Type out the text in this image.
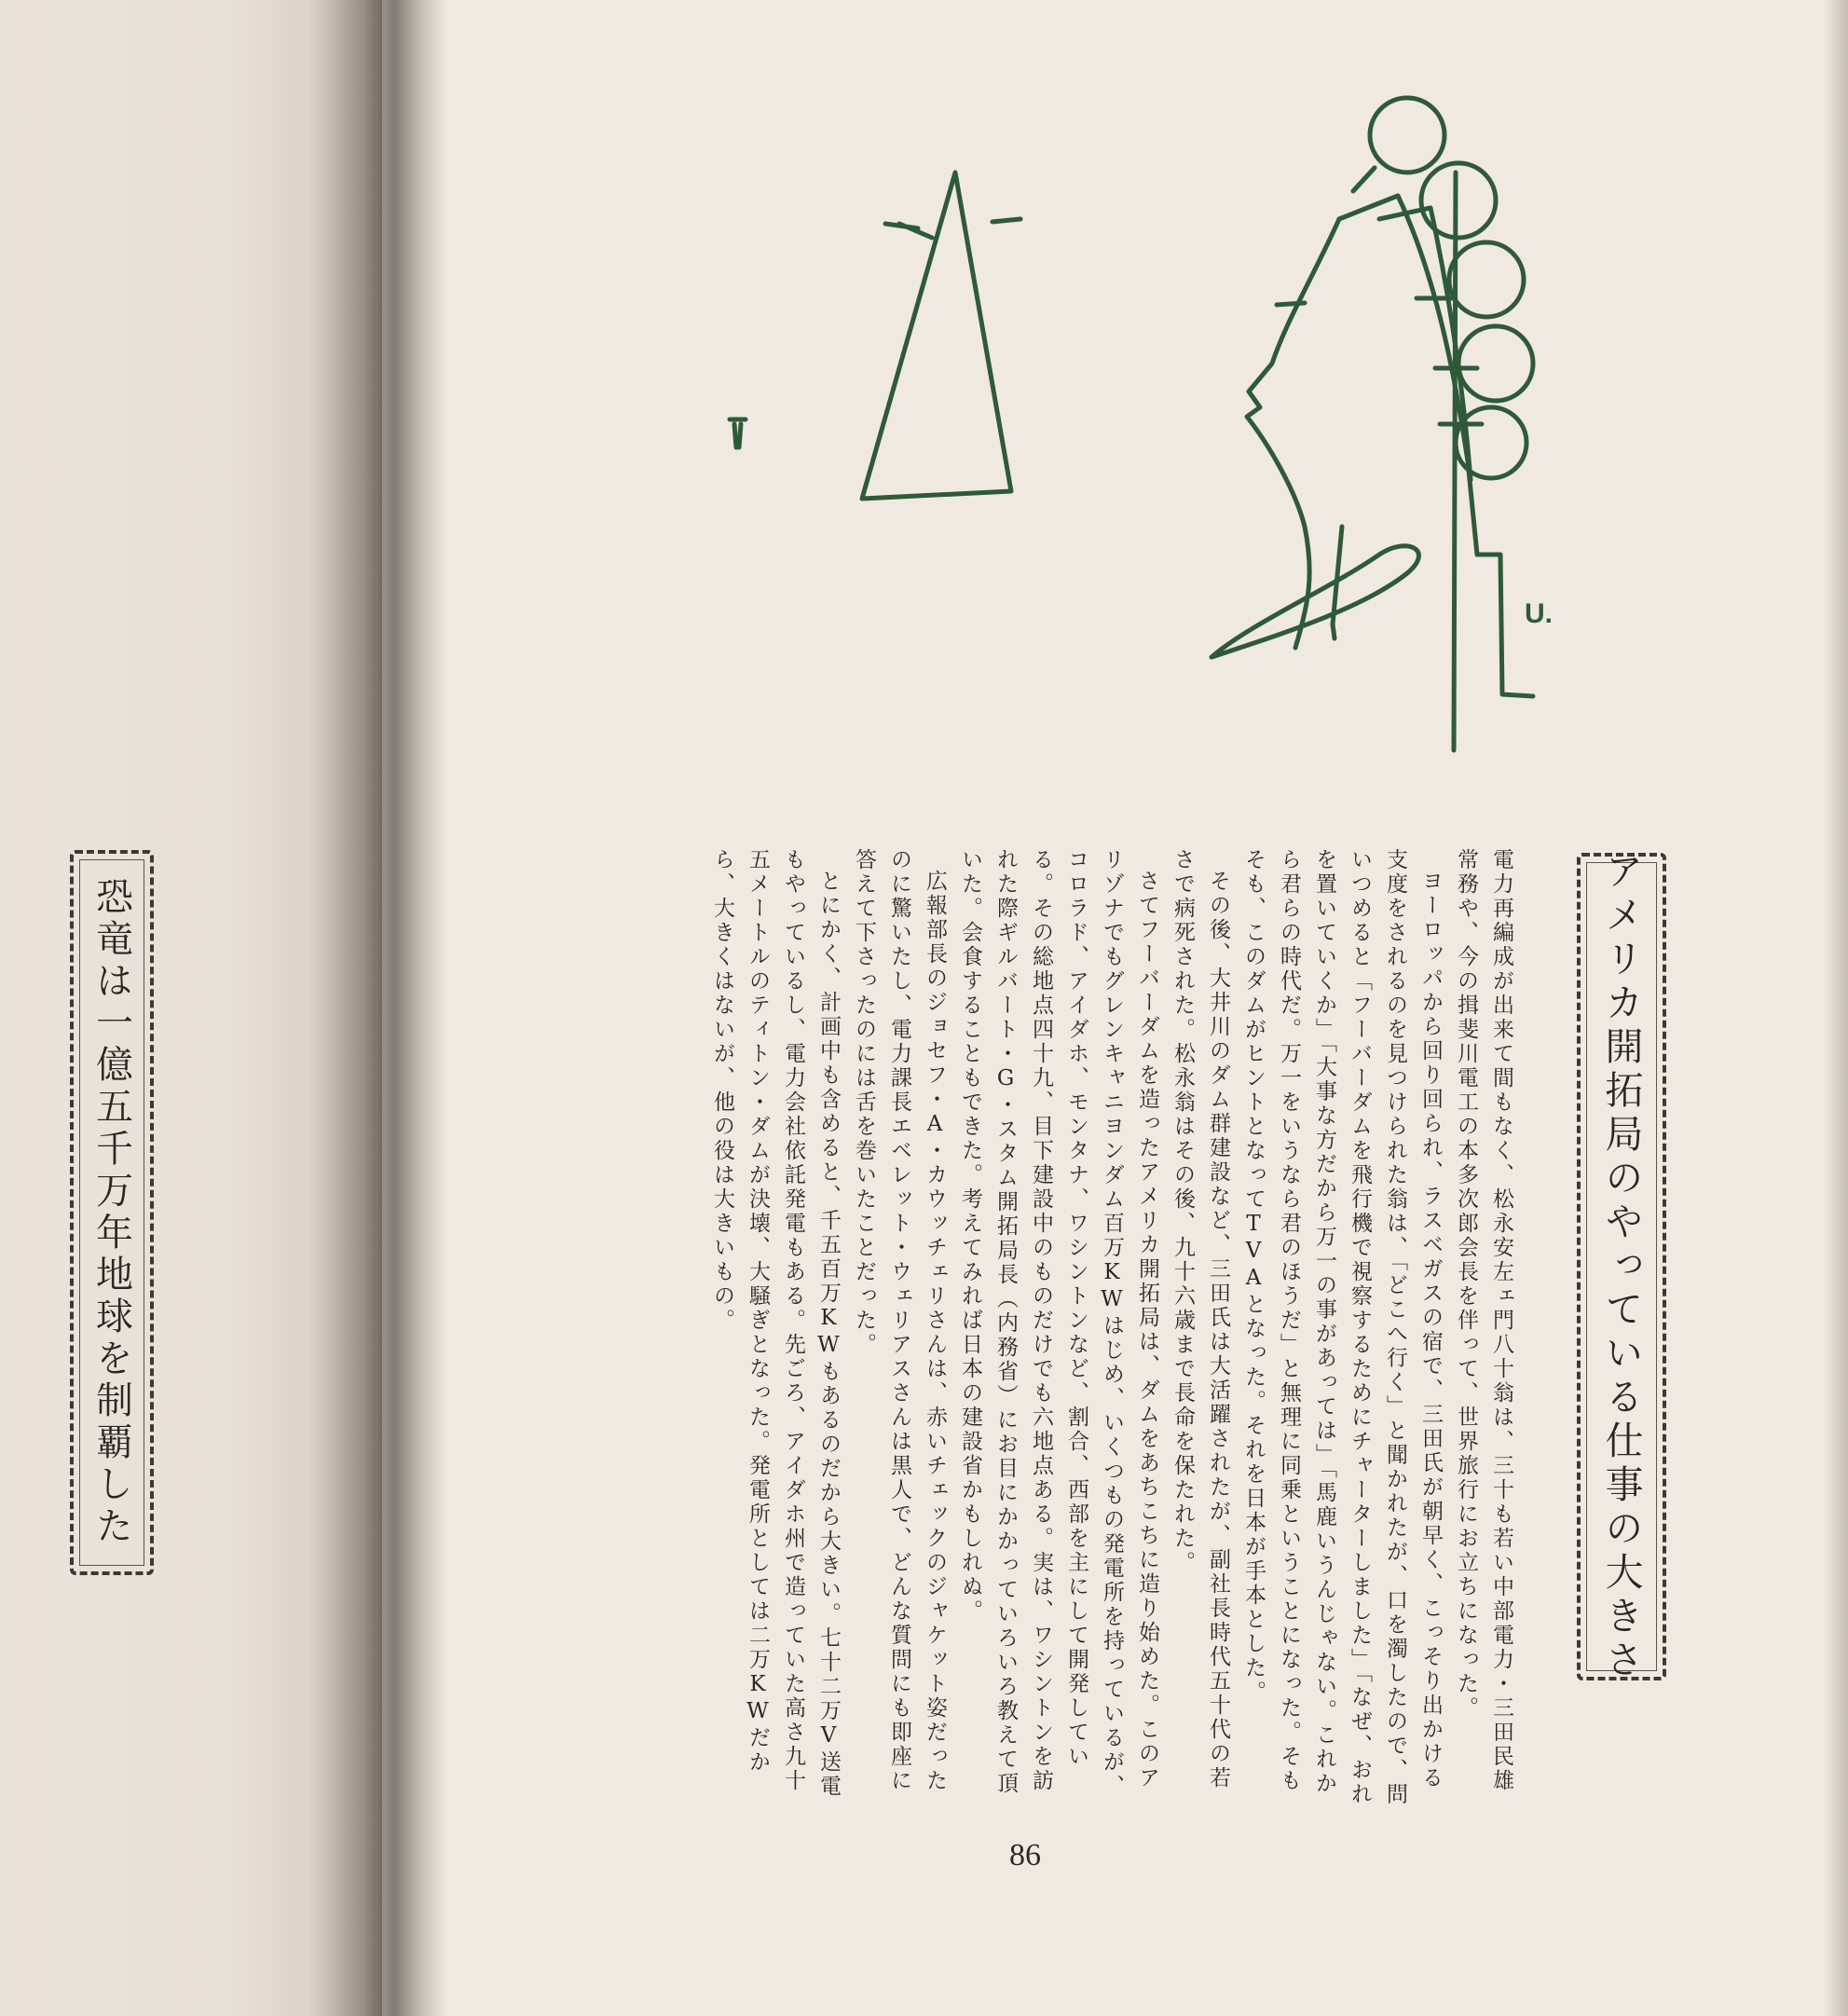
恐竜は一億五千万年地球を制覇した
U.
アメリカ開拓局のやっている仕事の大きさ

電力再編成が出来て間もなく、松永安左ェ門八十翁は、三十も若い中部電力・三田民雄常務や、今の揖斐川電工の本多次郎会長を伴って、世界旅行にお立ちになった。

ヨーロッパから回り回られ、ラスベガスの宿で、三田氏が朝早く、こっそり出かける支度をされるのを見つけられた翁は、「どこへ行く」と聞かれたが、口を濁したので、問いつめると「フーバーダムを飛行機で視察するためにチャーターしました」「なぜ、おれを置いていくか」「大事な方だから万一の事があっては」「馬鹿いうんじゃない。これから君らの時代だ。万一をいうなら君のほうだ」と無理に同乗ということになった。そもそも、このダムがヒントとなってTVAとなった。それを日本が手本とした。

その後、大井川のダム群建設など、三田氏は大活躍されたが、副社長時代五十代の若さで病死された。松永翁はその後、九十六歳まで長命を保たれた。

さてフーバーダムを造ったアメリカ開拓局は、ダムをあちこちに造り始めた。このアリゾナでもグレンキャニヨンダム百万KWはじめ、いくつもの発電所を持っているが、コロラド、アイダホ、モンタナ、ワシントンなど、割合、西部を主にして開発している。その総地点四十九、目下建設中のものだけでも六地点ある。実は、ワシントンを訪れた際ギルバート・G・スタム開拓局長（内務省）にお目にかかっていろいろ教えて頂いた。会食することもできた。考えてみれば日本の建設省かもしれぬ。

広報部長のジョセフ・A・カウッチェリさんは、赤いチェックのジャケット姿だったのに驚いたし、電力課長エベレット・ウェリアスさんは黒人で、どんな質問にも即座に答えて下さったのには舌を巻いたことだった。

とにかく、計画中も含めると、千五百万KWもあるのだから大きい。七十二万V送電もやっているし、電力会社依託発電もある。先ごろ、アイダホ州で造っていた高さ九十五メートルのティトン・ダムが決壊、大騒ぎとなった。発電所としては二万KWだから、大きくはないが、他の役は大きいもの。

86
